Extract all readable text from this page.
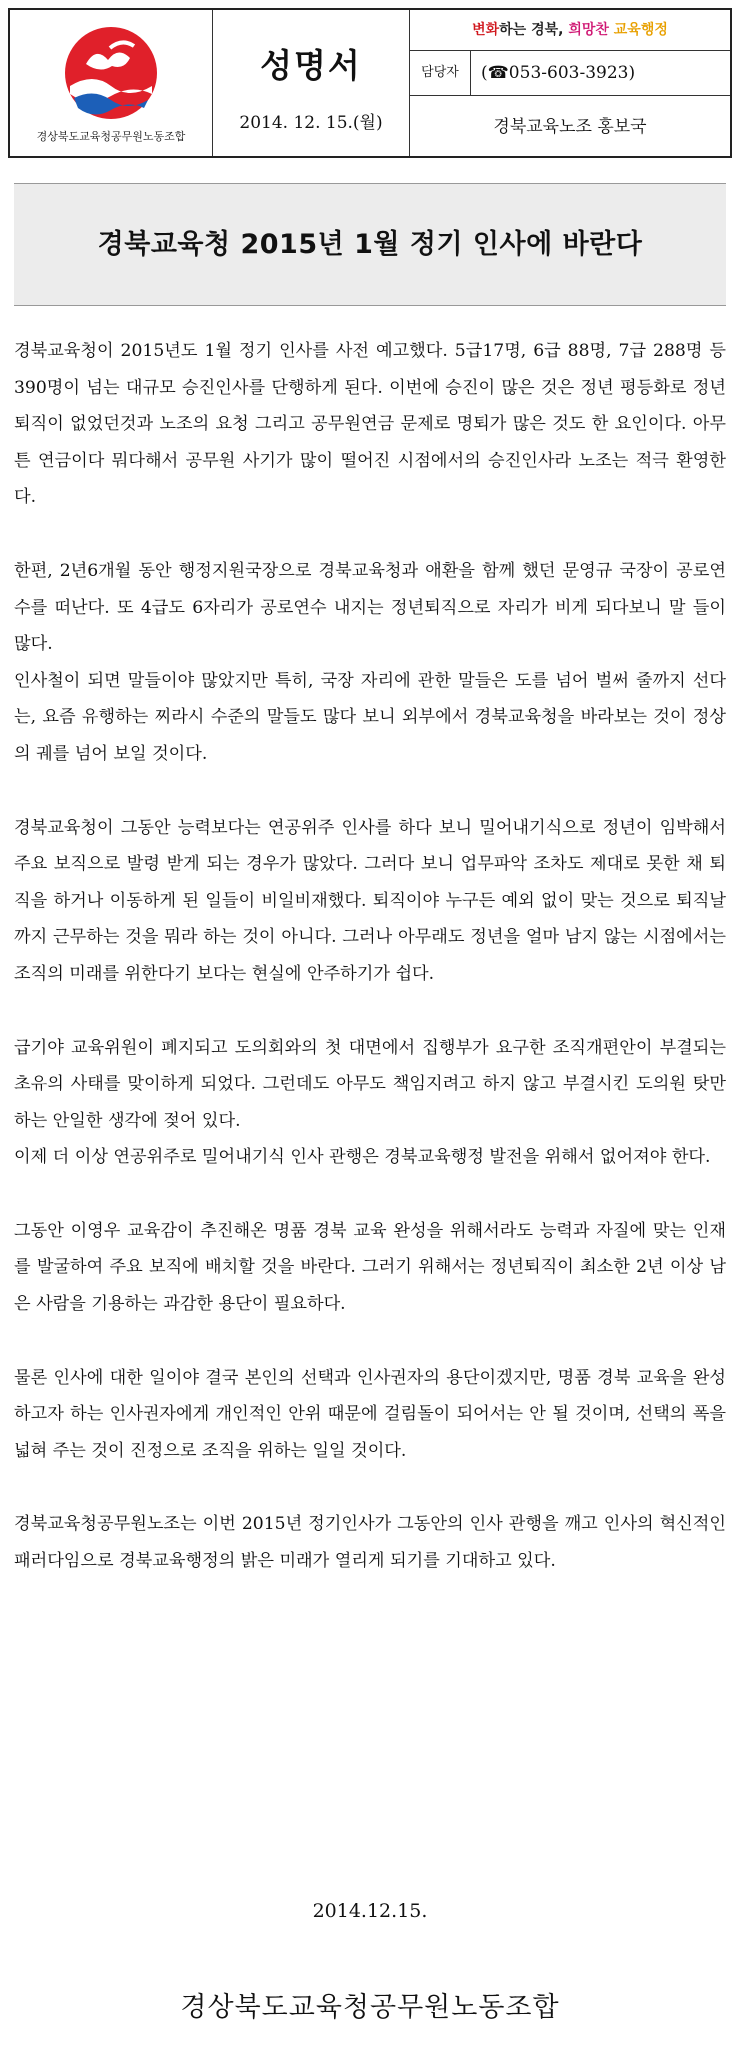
경상북도교육청공무원노동조합
성명서
2014. 12. 15.(월)
변화하는 경북, 희망찬 교육행정
담당자	(☎053-603-3923)
경북교육노조 홍보국
경북교육청 2015년 1월 정기 인사에 바란다

경북교육청이 2015년도 1월 정기 인사를 사전 예고했다. 5급17명, 6급 88명, 7급 288명 등 390명이 넘는 대규모 승진인사를 단행하게 된다. 이번에 승진이 많은 것은 정년 평등화로 정년퇴직이 없었던것과 노조의 요청 그리고 공무원연금 문제로 명퇴가 많은 것도 한 요인이다. 아무튼 연금이다 뭐다해서 공무원 사기가 많이 떨어진 시점에서의 승진인사라 노조는 적극 환영한다.

한편, 2년6개월 동안 행정지원국장으로 경북교육청과 애환을 함께 했던 문영규 국장이 공로연수를 떠난다. 또 4급도 6자리가 공로연수 내지는 정년퇴직으로 자리가 비게 되다보니 말 들이 많다.

인사철이 되면 말들이야 많았지만 특히, 국장 자리에 관한 말들은 도를 넘어 벌써 줄까지 선다는, 요즘 유행하는 찌라시 수준의 말들도 많다 보니 외부에서 경북교육청을 바라보는 것이 정상의 궤를 넘어 보일 것이다.

경북교육청이 그동안 능력보다는 연공위주 인사를 하다 보니 밀어내기식으로 정년이 임박해서 주요 보직으로 발령 받게 되는 경우가 많았다. 그러다 보니 업무파악 조차도 제대로 못한 채 퇴직을 하거나 이동하게 된 일들이 비일비재했다. 퇴직이야 누구든 예외 없이 맞는 것으로 퇴직날까지 근무하는 것을 뭐라 하는 것이 아니다. 그러나 아무래도 정년을 얼마 남지 않는 시점에서는 조직의 미래를 위한다기 보다는 현실에 안주하기가 쉽다.

급기야 교육위원이 폐지되고 도의회와의 첫 대면에서 집행부가 요구한 조직개편안이 부결되는 초유의 사태를 맞이하게 되었다. 그런데도 아무도 책임지려고 하지 않고 부결시킨 도의원 탓만 하는 안일한 생각에 젖어 있다.

이제 더 이상 연공위주로 밀어내기식 인사 관행은 경북교육행정 발전을 위해서 없어져야 한다.

그동안 이영우 교육감이 추진해온 명품 경북 교육 완성을 위해서라도 능력과 자질에 맞는 인재를 발굴하여 주요 보직에 배치할 것을 바란다. 그러기 위해서는 정년퇴직이 최소한 2년 이상 남은 사람을 기용하는 과감한 용단이 필요하다.

물론 인사에 대한 일이야 결국 본인의 선택과 인사권자의 용단이겠지만, 명품 경북 교육을 완성하고자 하는 인사권자에게 개인적인 안위 때문에 걸림돌이 되어서는 안 될 것이며, 선택의 폭을 넓혀 주는 것이 진정으로 조직을 위하는 일일 것이다.

경북교육청공무원노조는 이번 2015년 정기인사가 그동안의 인사 관행을 깨고 인사의 혁신적인 패러다임으로 경북교육행정의 밝은 미래가 열리게 되기를 기대하고 있다.

2014.12.15.
경상북도교육청공무원노동조합
